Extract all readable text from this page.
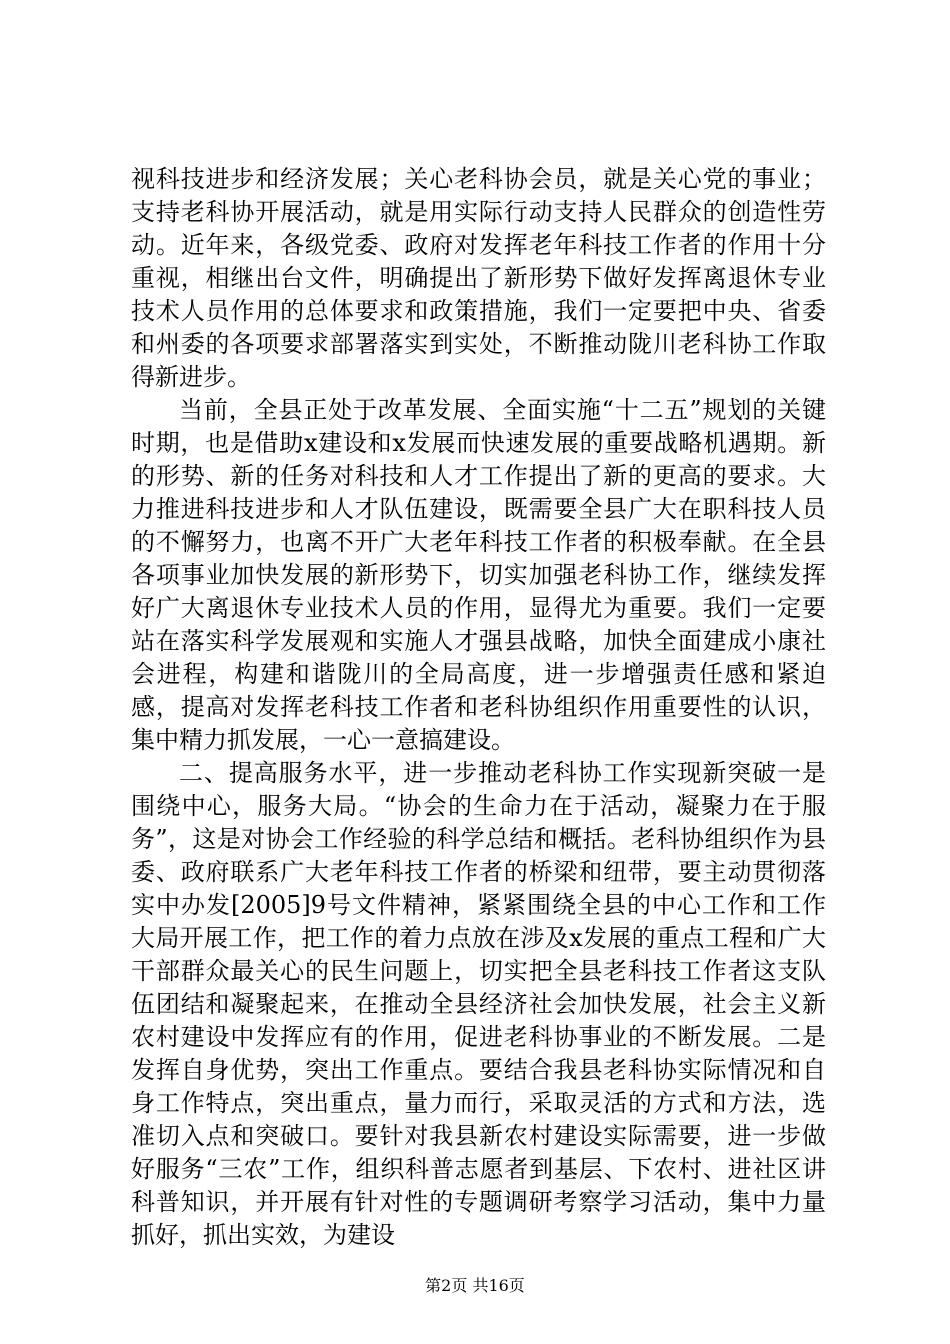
视科技进步和经济发展；关心老科协会员，就是关心党的事业；支持老科协开展活动，就是用实际行动支持人民群众的创造性劳动。近年来，各级党委、政府对发挥老年科技工作者的作用十分重视，相继出台文件，明确提出了新形势下做好发挥离退休专业技术人员作用的总体要求和政策措施，我们一定要把中央、省委和州委的各项要求部署落实到实处，不断推动陇川老科协工作取得新进步。

当前，全县正处于改革发展、全面实施“十二五”规划的关键时期，也是借助x建设和x发展而快速发展的重要战略机遇期。新的形势、新的任务对科技和人才工作提出了新的更高的要求。大力推进科技进步和人才队伍建设，既需要全县广大在职科技人员的不懈努力，也离不开广大老年科技工作者的积极奉献。在全县各项事业加快发展的新形势下，切实加强老科协工作，继续发挥好广大离退休专业技术人员的作用，显得尤为重要。我们一定要站在落实科学发展观和实施人才强县战略，加快全面建成小康社会进程，构建和谐陇川的全局高度，进一步增强责任感和紧迫感，提高对发挥老科技工作者和老科协组织作用重要性的认识，集中精力抓发展，一心一意搞建设。

二、提高服务水平，进一步推动老科协工作实现新突破一是围绕中心，服务大局。“协会的生命力在于活动，凝聚力在于服务”，这是对协会工作经验的科学总结和概括。老科协组织作为县委、政府联系广大老年科技工作者的桥梁和纽带，要主动贯彻落实中办发[2005]9号文件精神，紧紧围绕全县的中心工作和工作大局开展工作，把工作的着力点放在涉及x发展的重点工程和广大干部群众最关心的民生问题上，切实把全县老科技工作者这支队伍团结和凝聚起来，在推动全县经济社会加快发展，社会主义新农村建设中发挥应有的作用，促进老科协事业的不断发展。二是发挥自身优势，突出工作重点。要结合我县老科协实际情况和自身工作特点，突出重点，量力而行，采取灵活的方式和方法，选准切入点和突破口。要针对我县新农村建设实际需要，进一步做好服务“三农”工作，组织科普志愿者到基层、下农村、进社区讲科普知识，并开展有针对性的专题调研考察学习活动，集中力量抓好，抓出实效，为建设

第2页 共16页
